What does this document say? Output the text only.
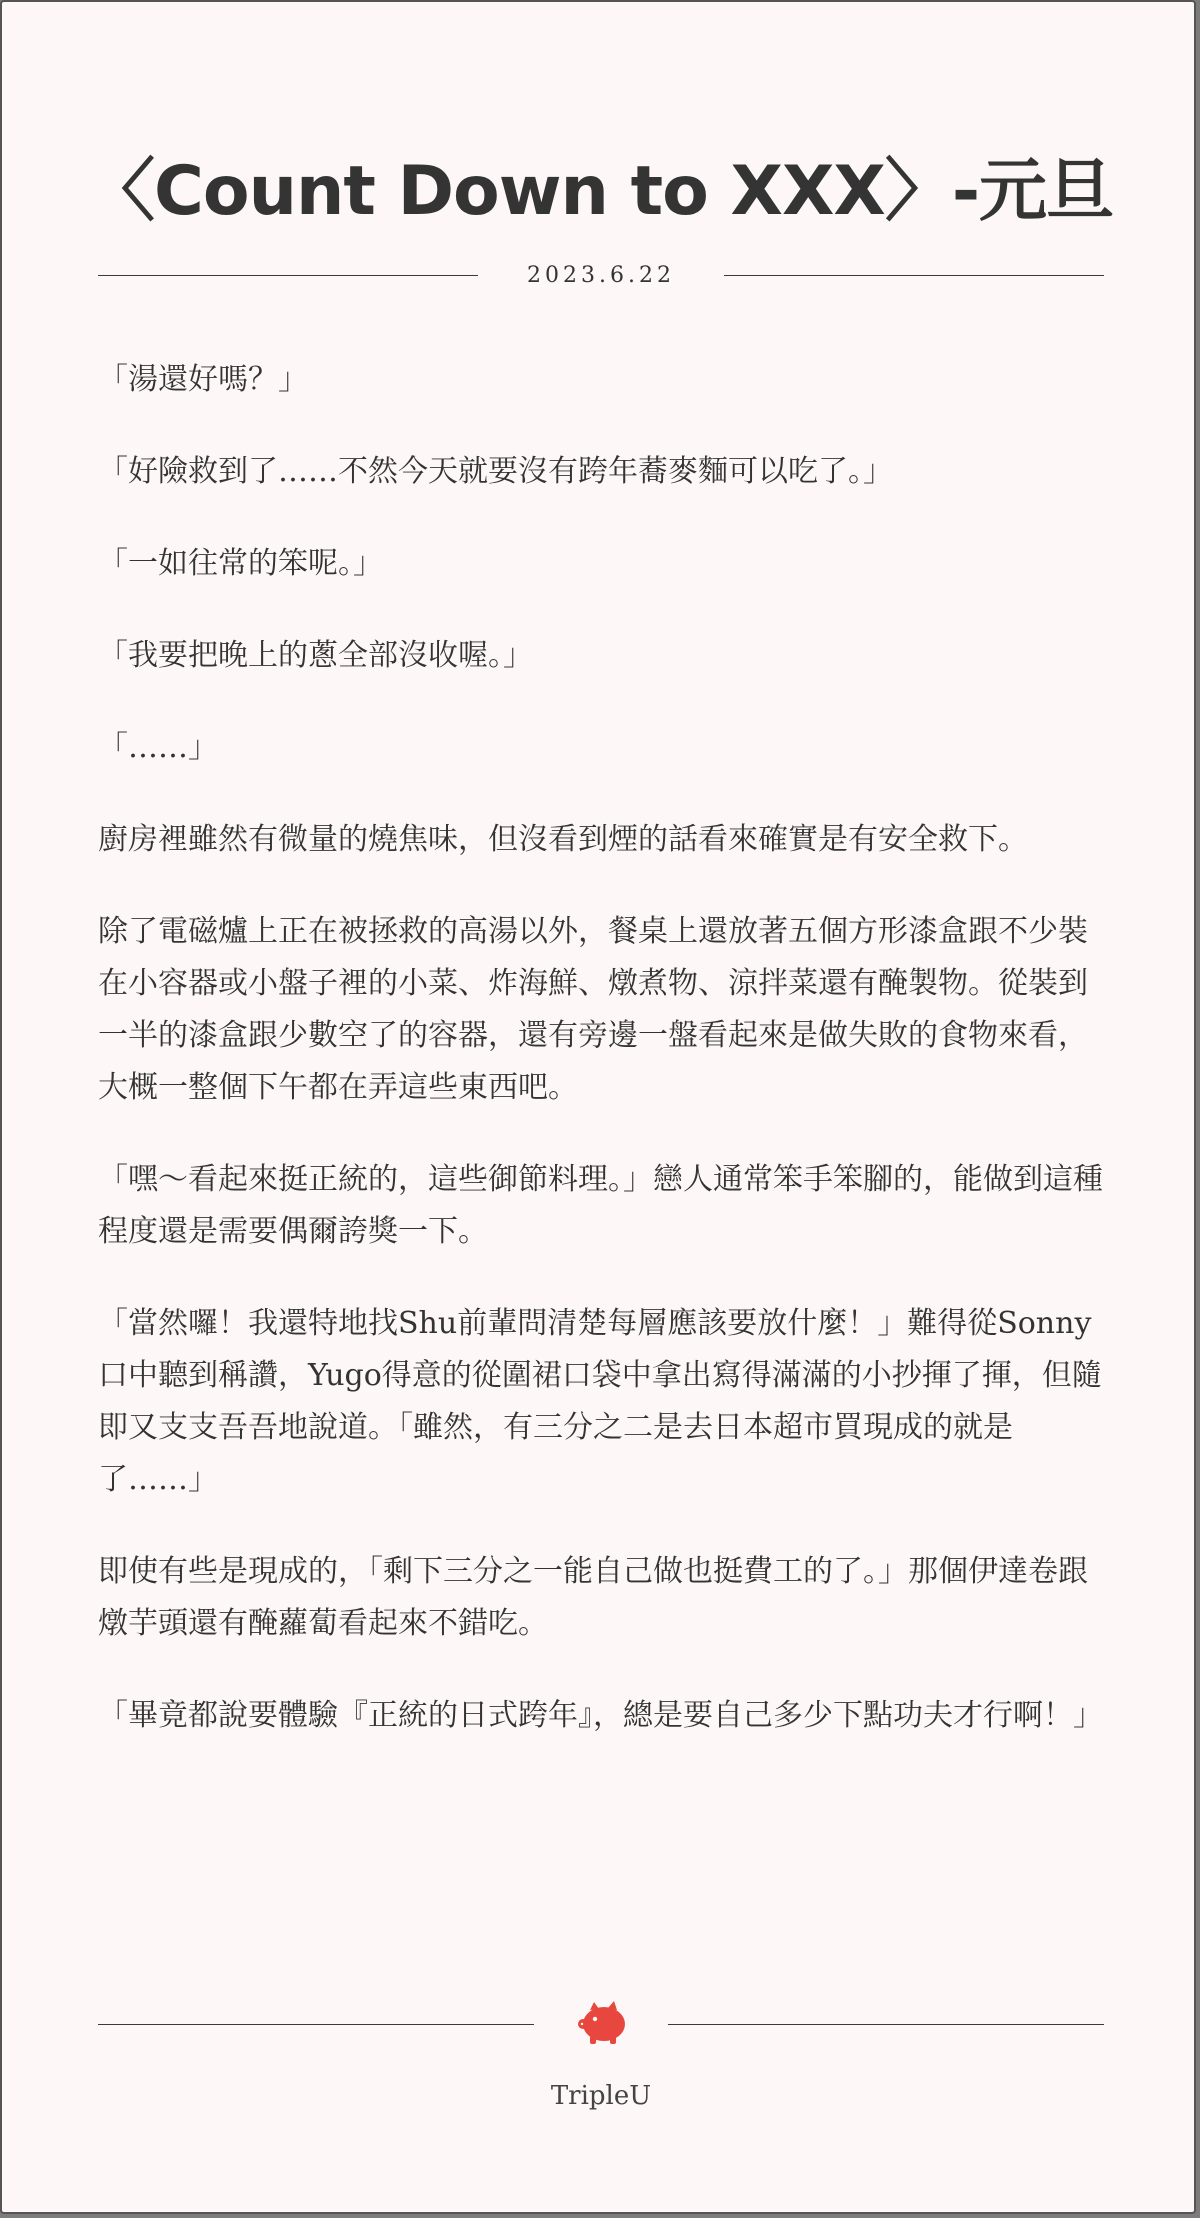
〈Count Down to XXX〉-元旦
2023.6.22

「湯還好嗎？」

「好險救到了……不然今天就要沒有跨年蕎麥麵可以吃了。」

「一如往常的笨呢。」

「我要把晚上的蔥全部沒收喔。」

「……」

廚房裡雖然有微量的燒焦味，但沒看到煙的話看來確實是有安全救下。

除了電磁爐上正在被拯救的高湯以外，餐桌上還放著五個方形漆盒跟不少裝在小容器或小盤子裡的小菜、炸海鮮、燉煮物、涼拌菜還有醃製物。從裝到一半的漆盒跟少數空了的容器，還有旁邊一盤看起來是做失敗的食物來看，大概一整個下午都在弄這些東西吧。

「嘿～看起來挺正統的，這些御節料理。」戀人通常笨手笨腳的，能做到這種程度還是需要偶爾誇獎一下。

「當然囉！我還特地找Shu前輩問清楚每層應該要放什麼！」難得從Sonny口中聽到稱讚，Yugo得意的從圍裙口袋中拿出寫得滿滿的小抄揮了揮，但隨即又支支吾吾地說道。「雖然，有三分之二是去日本超市買現成的就是了……」

即使有些是現成的，「剩下三分之一能自己做也挺費工的了。」那個伊達卷跟燉芋頭還有醃蘿蔔看起來不錯吃。

「畢竟都說要體驗『正統的日式跨年』，總是要自己多少下點功夫才行啊！」

TripleU
